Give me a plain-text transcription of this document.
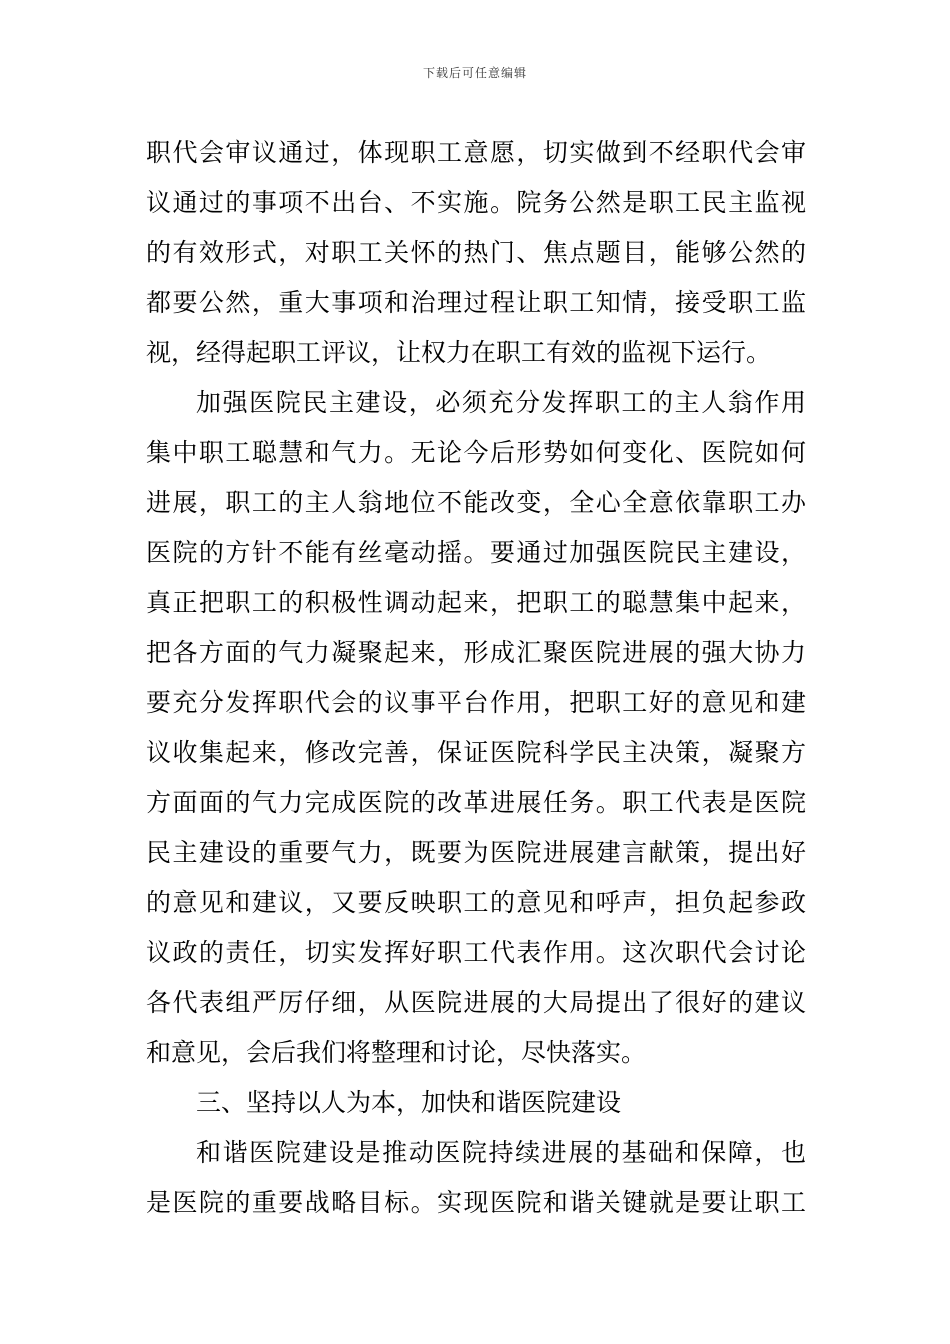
下载后可任意编辑
职代会审议通过，体现职工意愿，切实做到不经职代会审
议通过的事项不出台、不实施。院务公然是职工民主监视
的有效形式，对职工关怀的热门、焦点题目，能够公然的
都要公然，重大事项和治理过程让职工知情，接受职工监
视，经得起职工评议，让权力在职工有效的监视下运行。
加强医院民主建设，必须充分发挥职工的主人翁作用
集中职工聪慧和气力。无论今后形势如何变化、医院如何
进展，职工的主人翁地位不能改变，全心全意依靠职工办
医院的方针不能有丝毫动摇。要通过加强医院民主建设，
真正把职工的积极性调动起来，把职工的聪慧集中起来，
把各方面的气力凝聚起来，形成汇聚医院进展的强大协力
要充分发挥职代会的议事平台作用，把职工好的意见和建
议收集起来，修改完善，保证医院科学民主决策，凝聚方
方面面的气力完成医院的改革进展任务。职工代表是医院
民主建设的重要气力，既要为医院进展建言献策，提出好
的意见和建议，又要反映职工的意见和呼声，担负起参政
议政的责任，切实发挥好职工代表作用。这次职代会讨论
各代表组严厉仔细，从医院进展的大局提出了很好的建议
和意见，会后我们将整理和讨论，尽快落实。
三、坚持以人为本，加快和谐医院建设
和谐医院建设是推动医院持续进展的基础和保障，也
是医院的重要战略目标。实现医院和谐关键就是要让职工
